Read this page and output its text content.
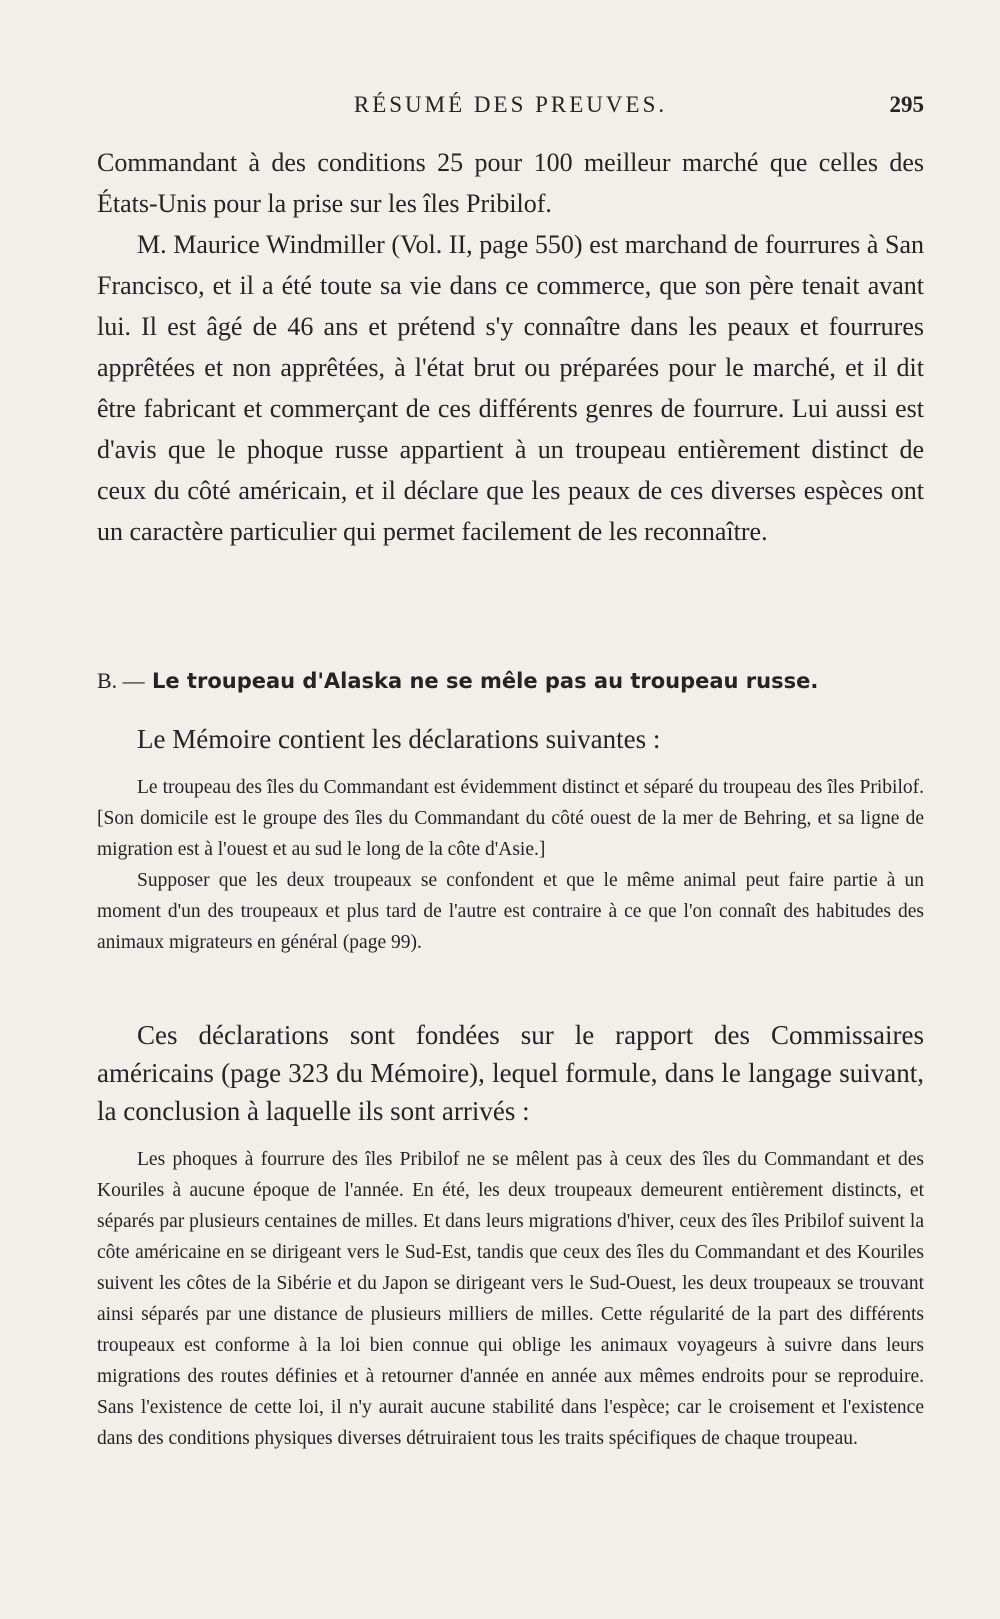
RÉSUMÉ DES PREUVES.	295

Commandant à des conditions 25 pour 100 meilleur marché que celles des États-Unis pour la prise sur les îles Pribilof.

M. Maurice Windmiller (Vol. II, page 550) est marchand de fourrures à San Francisco, et il a été toute sa vie dans ce commerce, que son père tenait avant lui. Il est âgé de 46 ans et prétend s'y connaître dans les peaux et fourrures apprêtées et non apprêtées, à l'état brut ou préparées pour le marché, et il dit être fabricant et commerçant de ces différents genres de fourrure. Lui aussi est d'avis que le phoque russe appartient à un troupeau entièrement distinct de ceux du côté américain, et il déclare que les peaux de ces diverses espèces ont un caractère particulier qui permet facilement de les reconnaître.

B. — Le troupeau d'Alaska ne se mêle pas au troupeau russe.
Le Mémoire contient les déclarations suivantes :

Le troupeau des îles du Commandant est évidemment distinct et séparé du troupeau des îles Pribilof. [Son domicile est le groupe des îles du Commandant du côté ouest de la mer de Behring, et sa ligne de migration est à l'ouest et au sud le long de la côte d'Asie.]

Supposer que les deux troupeaux se confondent et que le même animal peut faire partie à un moment d'un des troupeaux et plus tard de l'autre est contraire à ce que l'on connaît des habitudes des animaux migrateurs en général (page 99).

Ces déclarations sont fondées sur le rapport des Commissaires américains (page 323 du Mémoire), lequel formule, dans le langage suivant, la conclusion à laquelle ils sont arrivés :

Les phoques à fourrure des îles Pribilof ne se mêlent pas à ceux des îles du Commandant et des Kouriles à aucune époque de l'année. En été, les deux troupeaux demeurent entièrement distincts, et séparés par plusieurs centaines de milles. Et dans leurs migrations d'hiver, ceux des îles Pribilof suivent la côte américaine en se dirigeant vers le Sud-Est, tandis que ceux des îles du Commandant et des Kouriles suivent les côtes de la Sibérie et du Japon se dirigeant vers le Sud-Ouest, les deux troupeaux se trouvant ainsi séparés par une distance de plusieurs milliers de milles. Cette régularité de la part des différents troupeaux est conforme à la loi bien connue qui oblige les animaux voyageurs à suivre dans leurs migrations des routes définies et à retourner d'année en année aux mêmes endroits pour se reproduire. Sans l'existence de cette loi, il n'y aurait aucune stabilité dans l'espèce; car le croisement et l'existence dans des conditions physiques diverses détruiraient tous les traits spécifiques de chaque troupeau.
